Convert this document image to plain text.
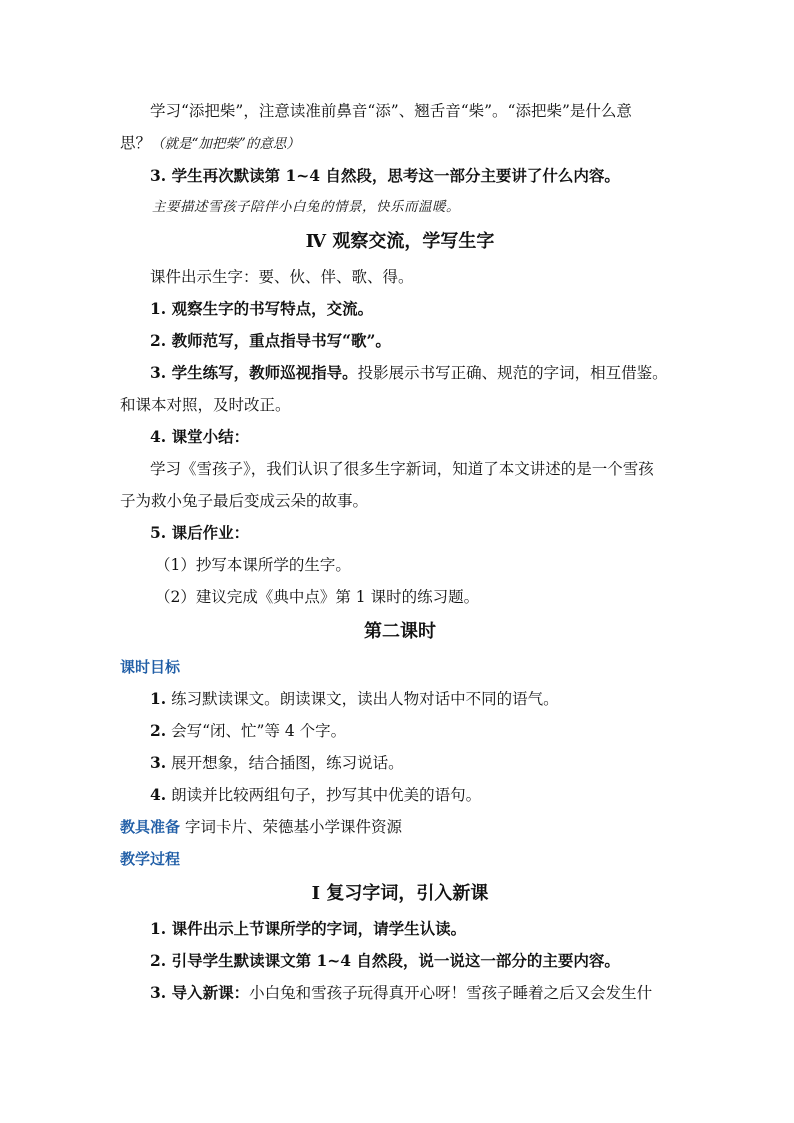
学习“添把柴”，注意读准前鼻音“添”、翘舌音“柴”。“添把柴”是什么意
思？（就是“加把柴”的意思）
3. 学生再次默读第 1~4 自然段，思考这一部分主要讲了什么内容。
主要描述雪孩子陪伴小白兔的情景，快乐而温暖。
Ⅳ 观察交流，学写生字
课件出示生字：要、伙、伴、歌、得。
1. 观察生字的书写特点，交流。
2. 教师范写，重点指导书写“歌”。
3. 学生练写，教师巡视指导。投影展示书写正确、规范的字词，相互借鉴。
和课本对照，及时改正。
4. 课堂小结：
学习《雪孩子》，我们认识了很多生字新词，知道了本文讲述的是一个雪孩
子为救小兔子最后变成云朵的故事。
5. 课后作业：
（1）抄写本课所学的生字。
（2）建议完成《典中点》第 1 课时的练习题。
第二课时
课时目标
1. 练习默读课文。朗读课文，读出人物对话中不同的语气。
2. 会写“闭、忙”等 4 个字。
3. 展开想象，结合插图，练习说话。
4. 朗读并比较两组句子，抄写其中优美的语句。
教具准备 字词卡片、荣德基小学课件资源
教学过程
Ⅰ 复习字词，引入新课
1. 课件出示上节课所学的字词，请学生认读。
2. 引导学生默读课文第 1~4 自然段，说一说这一部分的主要内容。
3. 导入新课：小白兔和雪孩子玩得真开心呀！雪孩子睡着之后又会发生什
